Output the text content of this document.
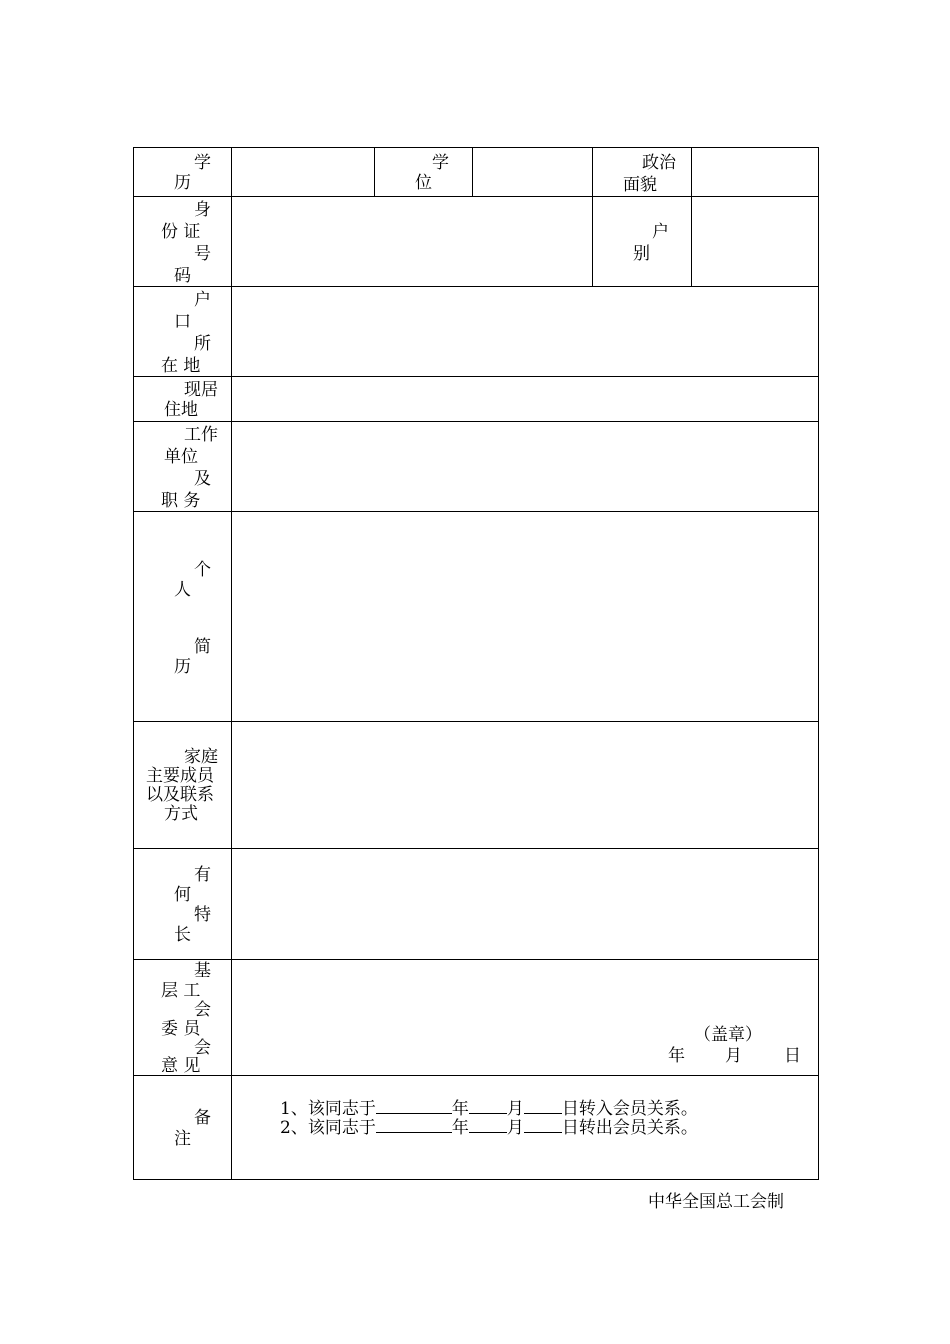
学
历
学
位
政治
面貌
身
份 证
号
码
户
别
户
口
所
在 地
现居
住地
工作
单位
及
职 务
个
人
简
历
家庭
主要成员
以及联系
方式
有
何
特
长
基
层 工
会
委 员
会
意 见
（盖章）
年 月 日
备
注
1、该同志于	年 月 日转入会员关系。
2、该同志于	年 月 日转出会员关系。
中华全国总工会制
